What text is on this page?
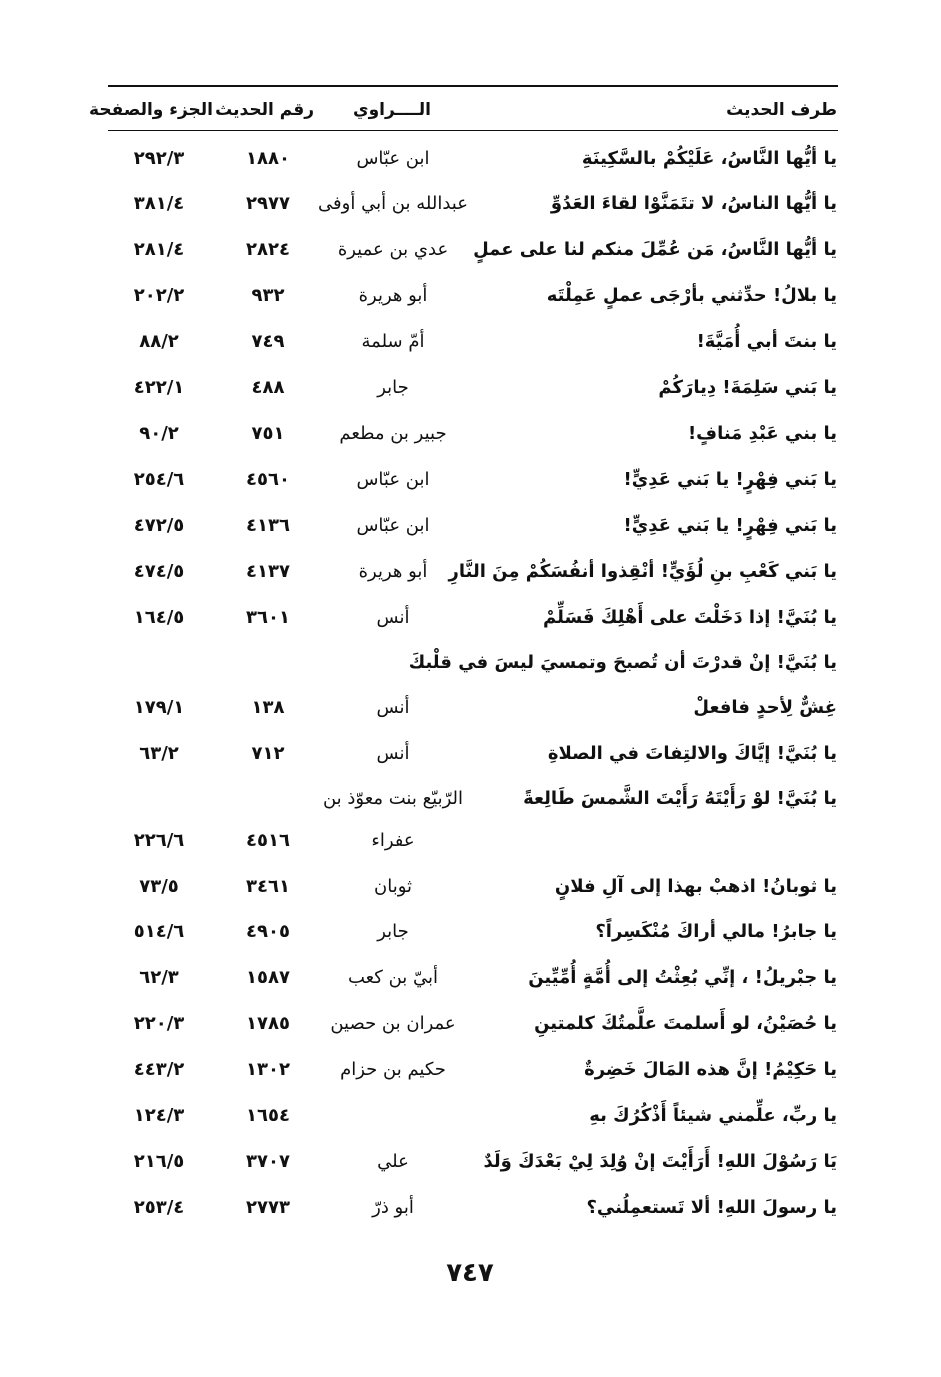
طرف الحديث
الــــراوي
رقم الحديث
الجزء والصفحة
يا أيُّها النَّاسُ، عَلَيْكُمْ بالسَّكِينَةِ
ابن عبّاس
١٨٨٠
٢٩٢/٣
يا أيُّها الناسُ، لا تتَمَنَّوْا لقاءَ العَدُوِّ
عبدالله بن أبي أوفى
٢٩٧٧
٣٨١/٤
يا أيُّها النَّاسُ، مَن عُمِّلَ منكم لنا على عملٍ
عدي بن عميرة
٢٨٢٤
٢٨١/٤
يا بلالُ! حدِّثني بأرْجَى عملٍ عَمِلْتَه
أبو هريرة
٩٣٢
٢٠٢/٢
يا بنتَ أبي أُمَيَّةَ!
أمّ سلمة
٧٤٩
٨٨/٢
يا بَني سَلِمَةَ! دِيارَكُمْ
جابر
٤٨٨
٤٢٢/١
يا بني عَبْدِ مَنافٍ!
جبير بن مطعم
٧٥١
٩٠/٢
يا بَني فِهْرٍ! يا بَني عَدِيٍّ!
ابن عبّاس
٤٥٦٠
٢٥٤/٦
يا بَني فِهْرٍ! يا بَني عَدِيٍّ!
ابن عبّاس
٤١٣٦
٤٧٢/٥
يا بَني كَعْبِ بنِ لُؤَيٍّ! أنْقِذوا أنفُسَكُمْ مِنَ النَّارِ
أبو هريرة
٤١٣٧
٤٧٤/٥
يا بُنَيَّ! إذا دَخَلْتَ على أَهْلِكَ فَسَلِّمْ
أنس
٣٦٠١
١٦٤/٥
يا بُنَيَّ! إنْ قدرْتَ أن تُصبحَ وتمسيَ ليسَ في قلْبكَ
غِشٌّ لِأحدٍ فافعلْ
أنس
١٣٨
١٧٩/١
يا بُنَيَّ! إيَّاكَ والالتِفاتَ في الصلاةِ
أنس
٧١٢
٦٣/٢
يا بُنَيَّ! لوْ رَأَيْتَهُ رَأَيْتَ الشَّمسَ طَالِعةً
الرّبيّع بنت معوّذ بن
عفراء
٤٥١٦
٢٢٦/٦
يا ثوبانُ! اذهبْ بهذا إلى آلِ فلانٍ
ثوبان
٣٤٦١
٧٣/٥
يا جابرُ! مالي أراكَ مُنْكَسِراً؟
جابر
٤٩٠٥
٥١٤/٦
يا جبْريلُ! ، إنِّي بُعِثْتُ إلى أُمَّةٍ أُمِّيِّينَ
أبيّ بن كعب
١٥٨٧
٦٢/٣
يا حُصَيْنُ، لو أَسلمتَ علَّمتُكَ كلمتينِ
عمران بن حصين
١٧٨٥
٢٢٠/٣
يا حَكِيْمُ! إنَّ هذه المَالَ خَضِرةٌ
حكيم بن حزام
١٣٠٢
٤٤٣/٢
يا ربِّ، علِّمني شيئاً أَذْكُرُكَ بهِ
١٦٥٤
١٢٤/٣
يَا رَسُوْلَ اللهِ! أَرَأَيْتَ إنْ وُلِدَ لِيْ بَعْدَكَ وَلَدٌ
علي
٣٧٠٧
٢١٦/٥
يا رسولَ اللهِ! ألا تَستعمِلُني؟
أبو ذرّ
٢٧٧٣
٢٥٣/٤
٧٤٧
